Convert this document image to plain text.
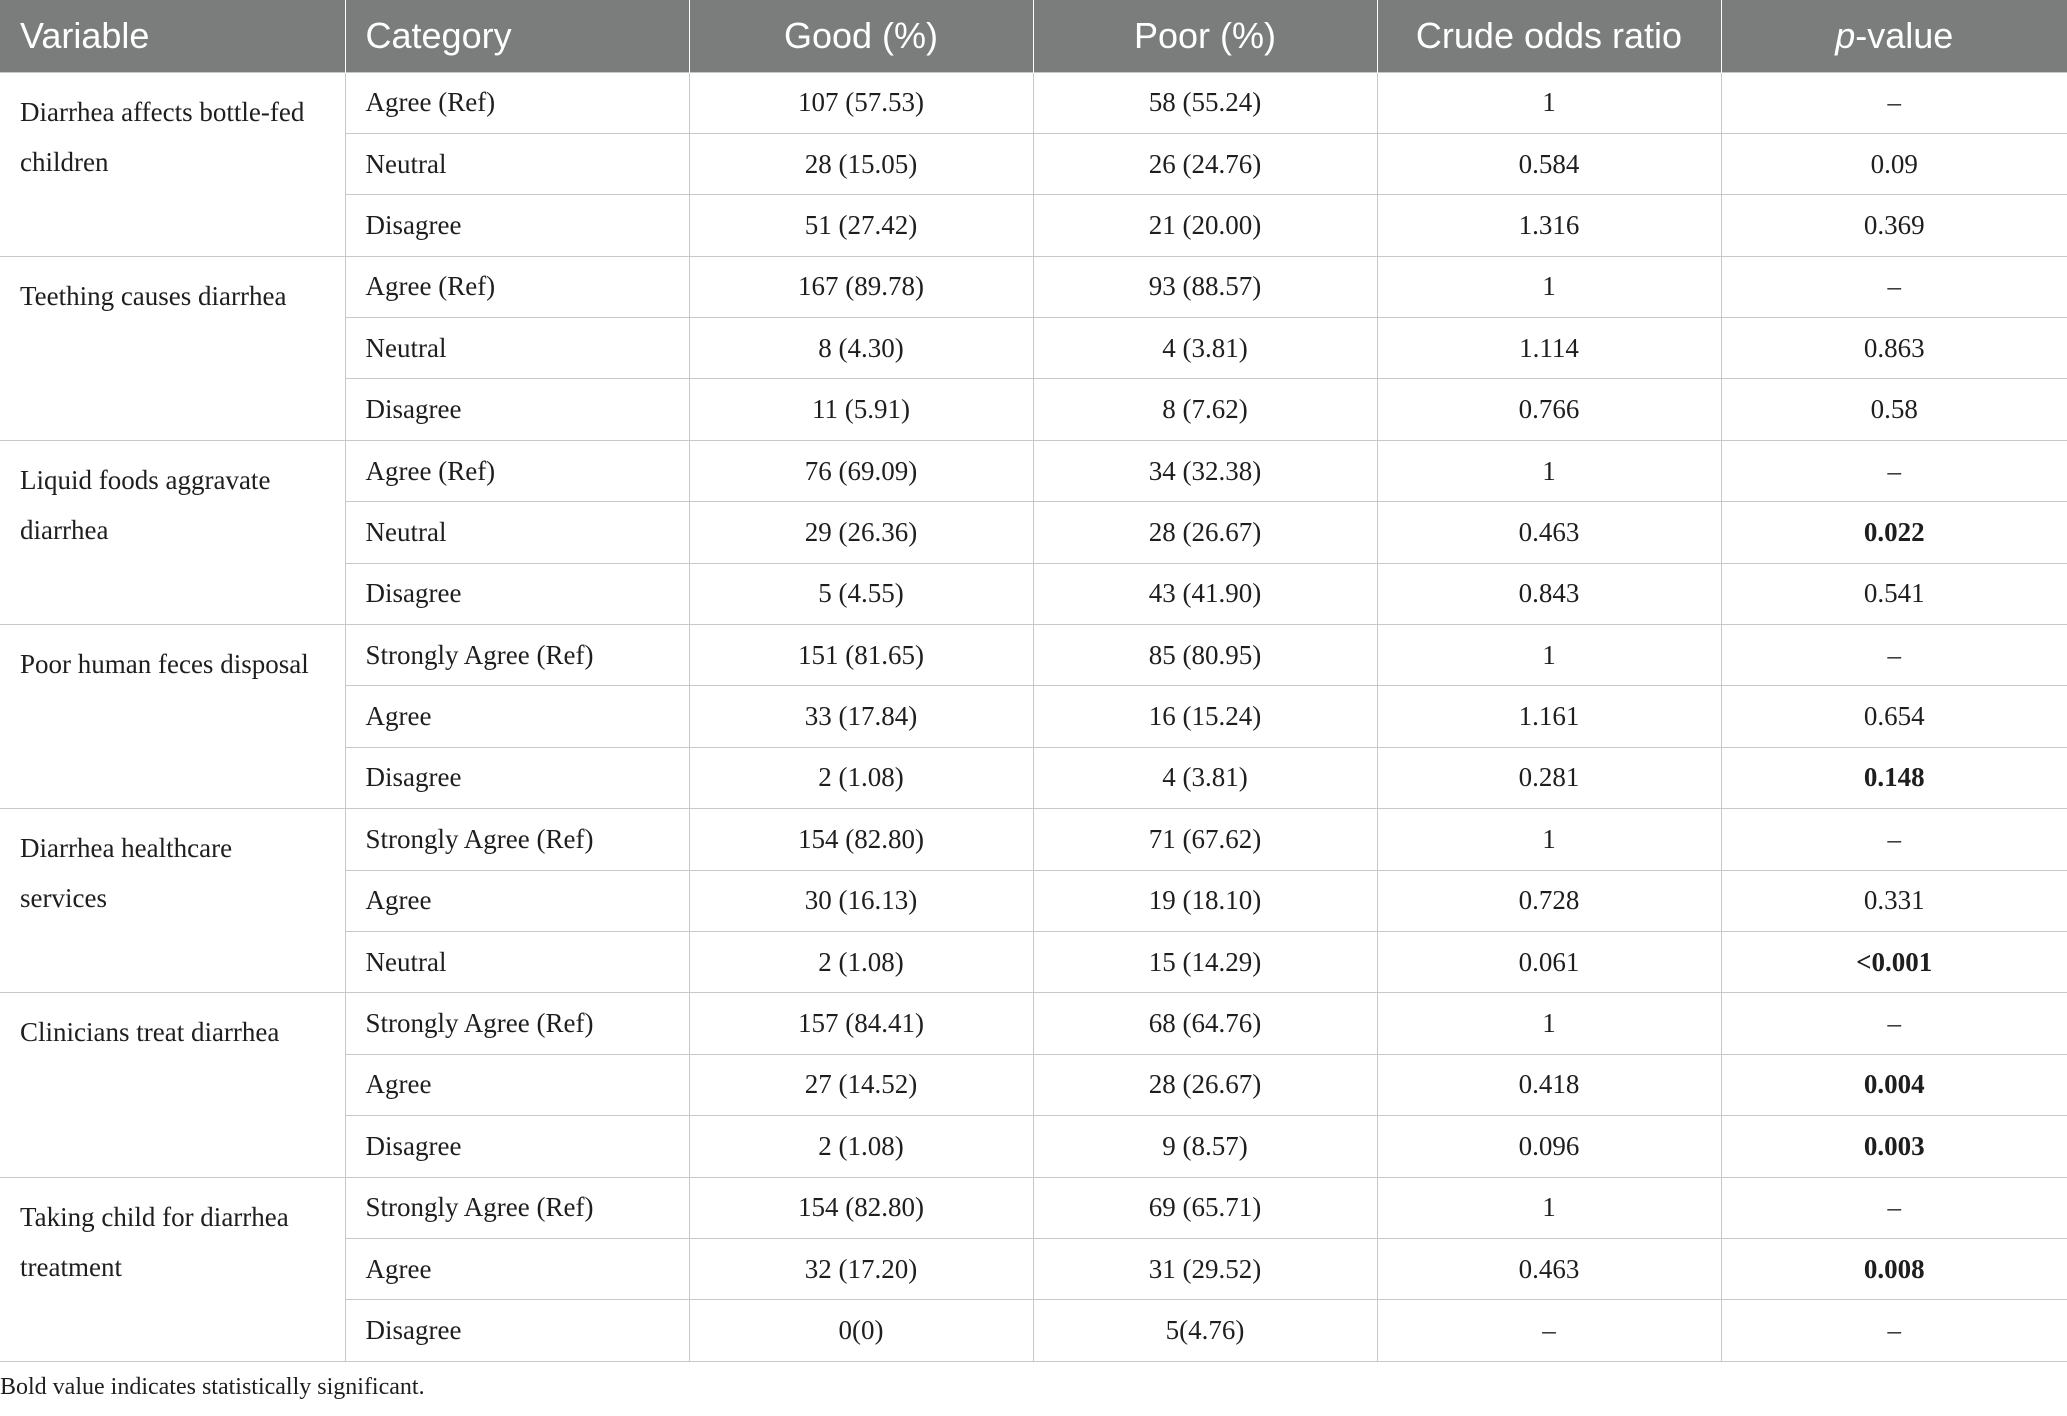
Variable	Category	Good (%)	Poor (%)	Crude odds ratio	p-value
Diarrhea affects bottle-fed children	Agree (Ref)	107 (57.53)	58 (55.24)	1	–
	Neutral	28 (15.05)	26 (24.76)	0.584	0.09
	Disagree	51 (27.42)	21 (20.00)	1.316	0.369
Teething causes diarrhea	Agree (Ref)	167 (89.78)	93 (88.57)	1	–
	Neutral	8 (4.30)	4 (3.81)	1.114	0.863
	Disagree	11 (5.91)	8 (7.62)	0.766	0.58
Liquid foods aggravate diarrhea	Agree (Ref)	76 (69.09)	34 (32.38)	1	–
	Neutral	29 (26.36)	28 (26.67)	0.463	0.022
	Disagree	5 (4.55)	43 (41.90)	0.843	0.541
Poor human feces disposal	Strongly Agree (Ref)	151 (81.65)	85 (80.95)	1	–
	Agree	33 (17.84)	16 (15.24)	1.161	0.654
	Disagree	2 (1.08)	4 (3.81)	0.281	0.148
Diarrhea healthcare services	Strongly Agree (Ref)	154 (82.80)	71 (67.62)	1	–
	Agree	30 (16.13)	19 (18.10)	0.728	0.331
	Neutral	2 (1.08)	15 (14.29)	0.061	<0.001
Clinicians treat diarrhea	Strongly Agree (Ref)	157 (84.41)	68 (64.76)	1	–
	Agree	27 (14.52)	28 (26.67)	0.418	0.004
	Disagree	2 (1.08)	9 (8.57)	0.096	0.003
Taking child for diarrhea treatment	Strongly Agree (Ref)	154 (82.80)	69 (65.71)	1	–
	Agree	32 (17.20)	31 (29.52)	0.463	0.008
	Disagree	0(0)	5(4.76)	–	–
Bold value indicates statistically significant.
